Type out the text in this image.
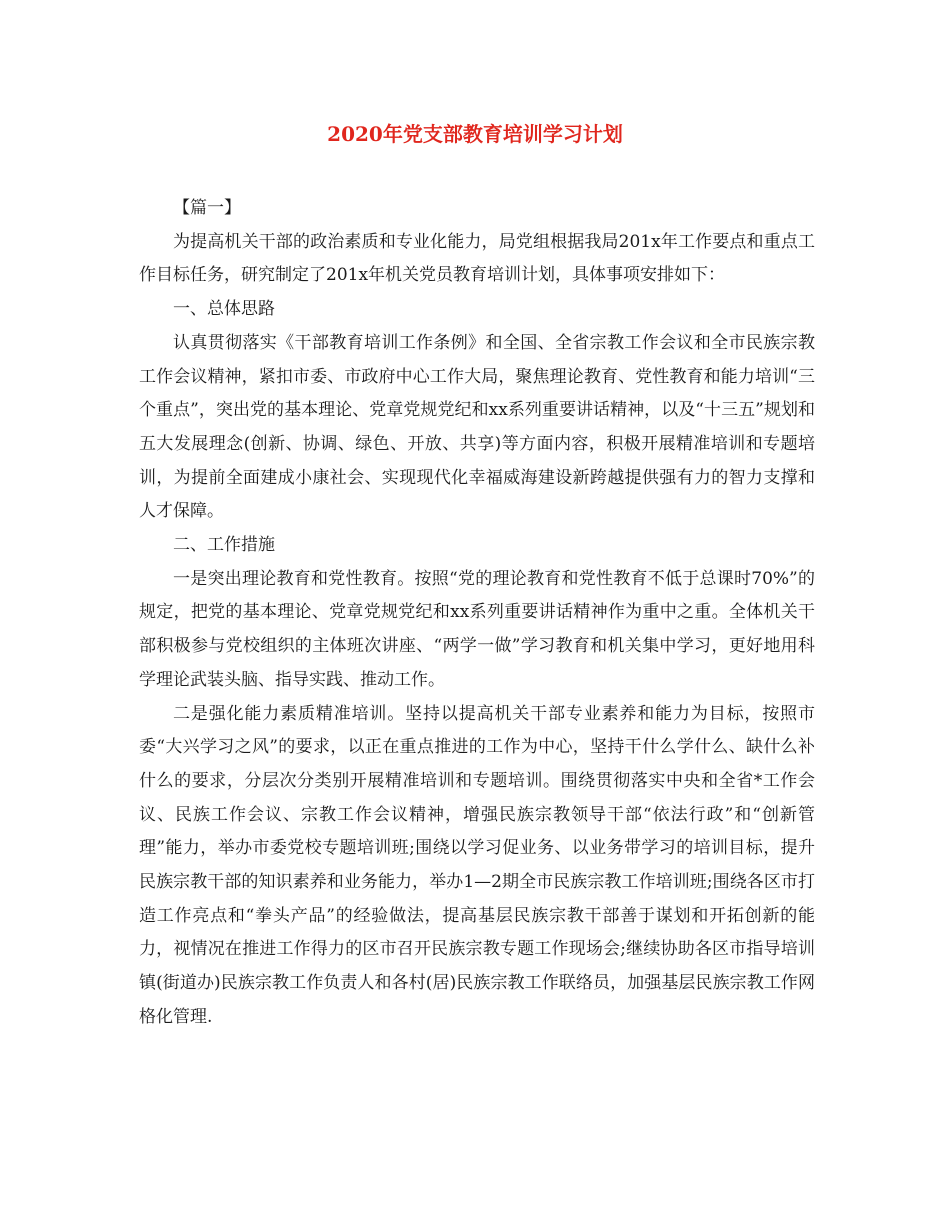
2020年党支部教育培训学习计划

【篇一】

为提高机关干部的政治素质和专业化能力，局党组根据我局201x年工作要点和重点工作目标任务，研究制定了201x年机关党员教育培训计划，具体事项安排如下：

一、总体思路

认真贯彻落实《干部教育培训工作条例》和全国、全省宗教工作会议和全市民族宗教工作会议精神，紧扣市委、市政府中心工作大局，聚焦理论教育、党性教育和能力培训“三个重点”，突出党的基本理论、党章党规党纪和xx系列重要讲话精神，以及“十三五”规划和五大发展理念(创新、协调、绿色、开放、共享)等方面内容，积极开展精准培训和专题培训，为提前全面建成小康社会、实现现代化幸福威海建设新跨越提供强有力的智力支撑和人才保障。

二、工作措施

一是突出理论教育和党性教育。按照“党的理论教育和党性教育不低于总课时70%”的规定，把党的基本理论、党章党规党纪和xx系列重要讲话精神作为重中之重。全体机关干部积极参与党校组织的主体班次讲座、“两学一做”学习教育和机关集中学习，更好地用科学理论武装头脑、指导实践、推动工作。

二是强化能力素质精准培训。坚持以提高机关干部专业素养和能力为目标，按照市委“大兴学习之风”的要求，以正在重点推进的工作为中心，坚持干什么学什么、缺什么补什么的要求，分层次分类别开展精准培训和专题培训。围绕贯彻落实中央和全省*工作会议、民族工作会议、宗教工作会议精神，增强民族宗教领导干部“依法行政”和“创新管理”能力，举办市委党校专题培训班;围绕以学习促业务、以业务带学习的培训目标，提升民族宗教干部的知识素养和业务能力，举办1—2期全市民族宗教工作培训班;围绕各区市打造工作亮点和“拳头产品”的经验做法，提高基层民族宗教干部善于谋划和开拓创新的能力，视情况在推进工作得力的区市召开民族宗教专题工作现场会;继续协助各区市指导培训镇(街道办)民族宗教工作负责人和各村(居)民族宗教工作联络员，加强基层民族宗教工作网格化管理.
